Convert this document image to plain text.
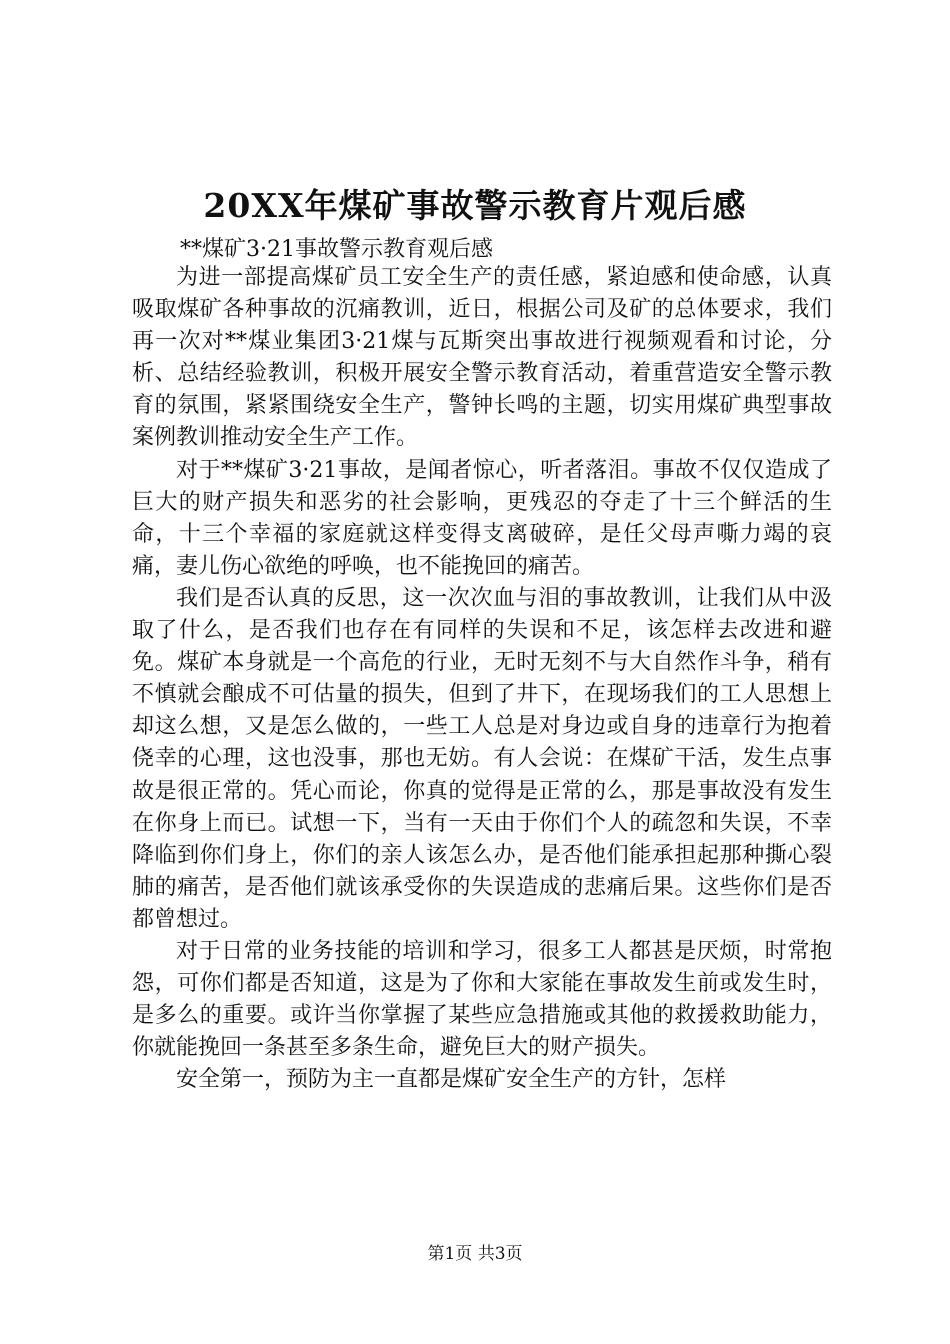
20XX年煤矿事故警示教育片观后感
**煤矿3·21事故警示教育观后感

为进一部提高煤矿员工安全生产的责任感，紧迫感和使命感，认真吸取煤矿各种事故的沉痛教训，近日，根据公司及矿的总体要求，我们再一次对**煤业集团3·21煤与瓦斯突出事故进行视频观看和讨论，分析、总结经验教训，积极开展安全警示教育活动，着重营造安全警示教育的氛围，紧紧围绕安全生产，警钟长鸣的主题，切实用煤矿典型事故案例教训推动安全生产工作。

对于**煤矿3·21事故，是闻者惊心，听者落泪。事故不仅仅造成了巨大的财产损失和恶劣的社会影响，更残忍的夺走了十三个鲜活的生命，十三个幸福的家庭就这样变得支离破碎，是任父母声嘶力竭的哀痛，妻儿伤心欲绝的呼唤，也不能挽回的痛苦。

我们是否认真的反思，这一次次血与泪的事故教训，让我们从中汲取了什么，是否我们也存在有同样的失误和不足，该怎样去改进和避免。煤矿本身就是一个高危的行业，无时无刻不与大自然作斗争，稍有不慎就会酿成不可估量的损失，但到了井下，在现场我们的工人思想上却这么想，又是怎么做的，一些工人总是对身边或自身的违章行为抱着侥幸的心理，这也没事，那也无妨。有人会说：在煤矿干活，发生点事故是很正常的。凭心而论，你真的觉得是正常的么，那是事故没有发生在你身上而已。试想一下，当有一天由于你们个人的疏忽和失误，不幸降临到你们身上，你们的亲人该怎么办，是否他们能承担起那种撕心裂肺的痛苦，是否他们就该承受你的失误造成的悲痛后果。这些你们是否都曾想过。

对于日常的业务技能的培训和学习，很多工人都甚是厌烦，时常抱怨，可你们都是否知道，这是为了你和大家能在事故发生前或发生时，是多么的重要。或许当你掌握了某些应急措施或其他的救援救助能力，你就能挽回一条甚至多条生命，避免巨大的财产损失。

安全第一，预防为主一直都是煤矿安全生产的方针，怎样

第1页 共3页
